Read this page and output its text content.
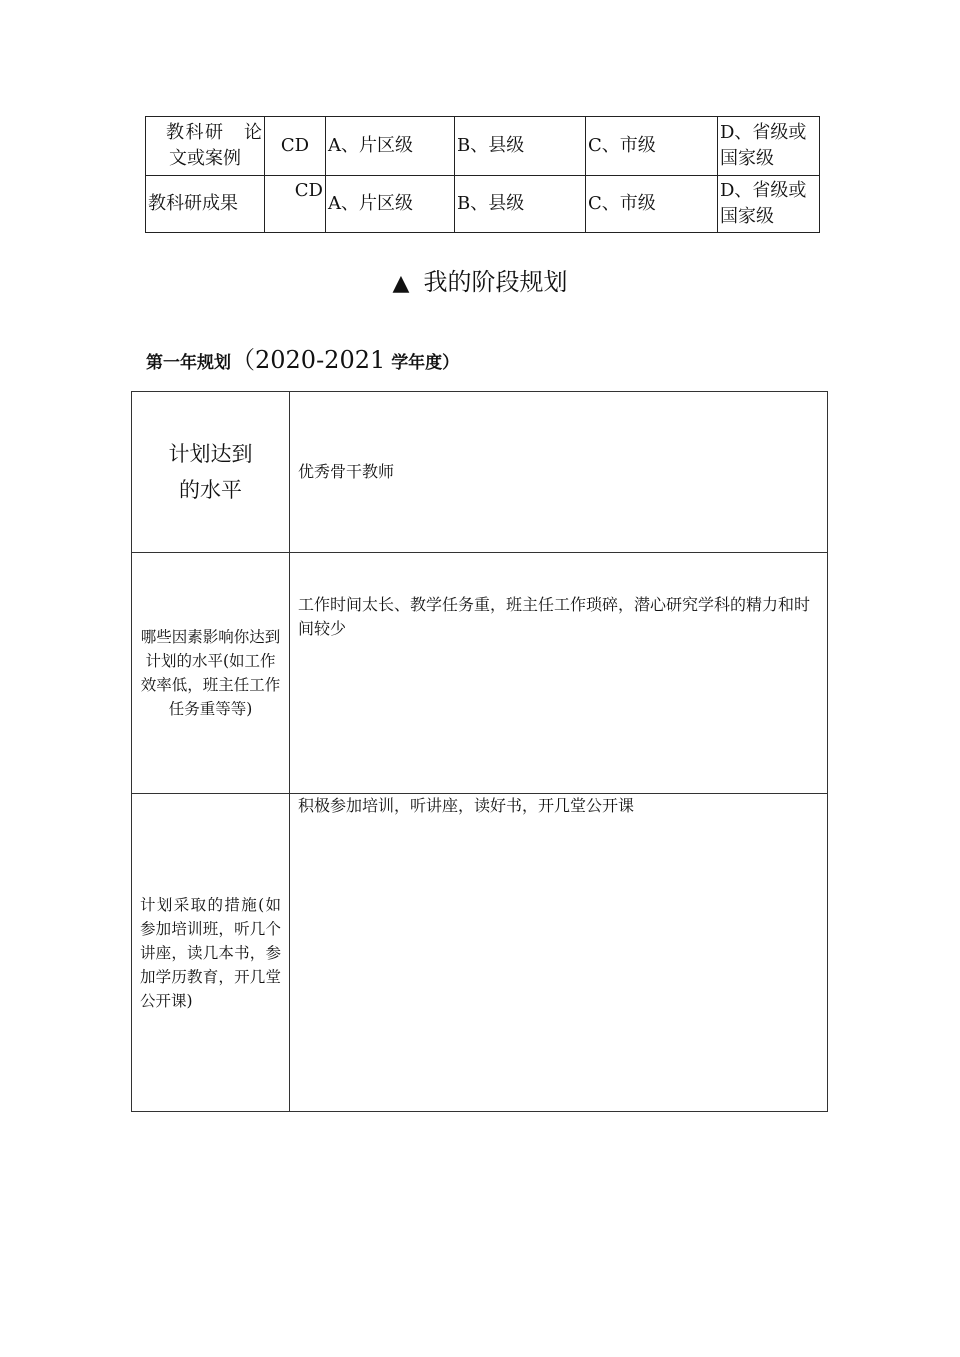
教科研　论
文或案例	CD	A、片区级	B、县级	C、市级	D、省级或国家级
教科研成果	CD	A、片区级	B、县级	C、市级	D、省级或国家级
▲ 我的阶段规划
第一年规划（2020-2021 学年度）
计划达到
的水平	优秀骨干教师
哪些因素影响你达到计划的水平(如工作效率低，班主任工作任务重等等)	工作时间太长、教学任务重，班主任工作琐碎，潜心研究学科的精力和时间较少
计划采取的措施(如参加培训班，听几个讲座，读几本书，参加学历教育，开几堂公开课)	积极参加培训，听讲座，读好书，开几堂公开课
